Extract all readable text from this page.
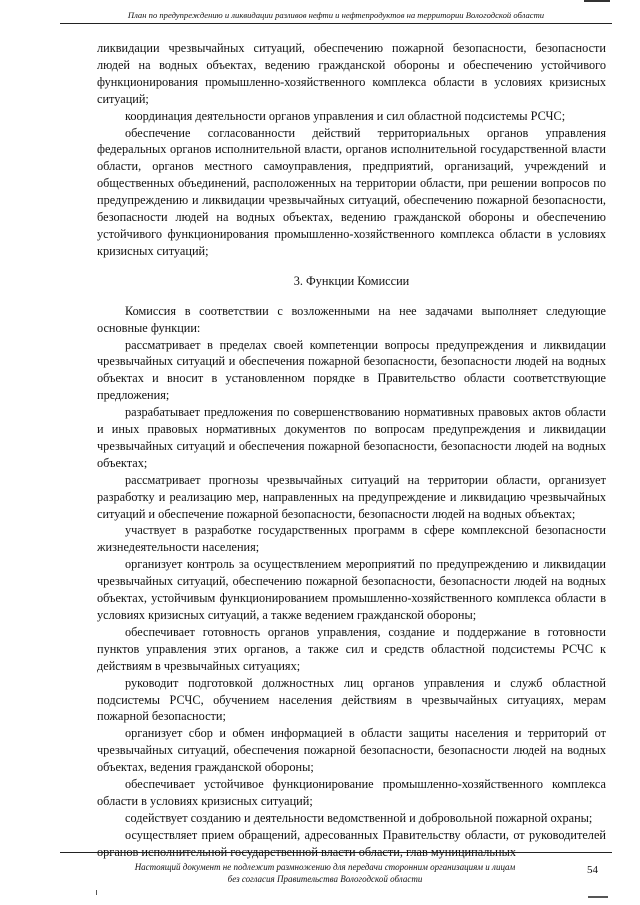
План по предупреждению и ликвидации разливов нефти и нефтепродуктов на территории Вологодской области

ликвидации чрезвычайных ситуаций, обеспечению пожарной безопасности, безопасности людей на водных объектах, ведению гражданской обороны и обеспечению устойчивого функционирования промышленно-хозяйственного комплекса области в условиях кризисных ситуаций;

координация деятельности органов управления и сил областной подсистемы РСЧС;

обеспечение согласованности действий территориальных органов управления федеральных органов исполнительной власти, органов исполнительной государственной власти области, органов местного самоуправления, предприятий, организаций, учреждений и общественных объединений, расположенных на территории области, при решении вопросов по предупреждению и ликвидации чрезвычайных ситуаций, обеспечению пожарной безопасности, безопасности людей на водных объектах, ведению гражданской обороны и обеспечению устойчивого функционирования промышленно-хозяйственного комплекса области в условиях кризисных ситуаций;

3. Функции Комиссии

Комиссия в соответствии с возложенными на нее задачами выполняет следующие основные функции:

рассматривает в пределах своей компетенции вопросы предупреждения и ликвидации чрезвычайных ситуаций и обеспечения пожарной безопасности, безопасности людей на водных объектах и вносит в установленном порядке в Правительство области соответствующие предложения;

разрабатывает предложения по совершенствованию нормативных правовых актов области и иных правовых нормативных документов по вопросам предупреждения и ликвидации чрезвычайных ситуаций и обеспечения пожарной безопасности, безопасности людей на водных объектах;

рассматривает прогнозы чрезвычайных ситуаций на территории области, организует разработку и реализацию мер, направленных на предупреждение и ликвидацию чрезвычайных ситуаций и обеспечение пожарной безопасности, безопасности людей на водных объектах;

участвует в разработке государственных программ в сфере комплексной безопасности жизнедеятельности населения;

организует контроль за осуществлением мероприятий по предупреждению и ликвидации чрезвычайных ситуаций, обеспечению пожарной безопасности, безопасности людей на водных объектах, устойчивым функционированием промышленно-хозяйственного комплекса области в условиях кризисных ситуаций, а также ведением гражданской обороны;

обеспечивает готовность органов управления, создание и поддержание в готовности пунктов управления этих органов, а также сил и средств областной подсистемы РСЧС к действиям в чрезвычайных ситуациях;

руководит подготовкой должностных лиц органов управления и служб областной подсистемы РСЧС, обучением населения действиям в чрезвычайных ситуациях, мерам пожарной безопасности;

организует сбор и обмен информацией в области защиты населения и территорий от чрезвычайных ситуаций, обеспечения пожарной безопасности, безопасности людей на водных объектах, ведения гражданской обороны;

обеспечивает устойчивое функционирование промышленно-хозяйственного комплекса области в условиях кризисных ситуаций;

содействует созданию и деятельности ведомственной и добровольной пожарной охраны;

осуществляет прием обращений, адресованных Правительству области, от руководителей органов исполнительной государственной власти области, глав муниципальных

Настоящий документ не подлежит размножению для передачи сторонним организациям и лицам
без согласия Правительства Вологодской области
54
